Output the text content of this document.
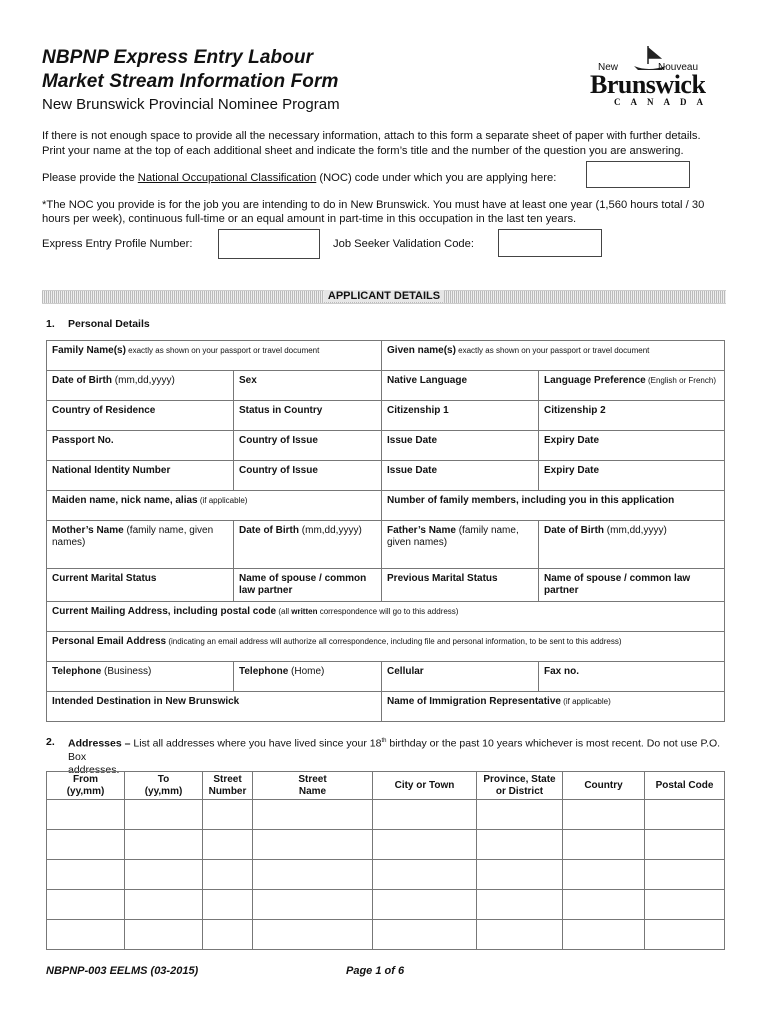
NBPNP Express Entry Labour
Market Stream Information Form
New Brunswick Provincial Nominee Program
New	Nouveau
Brunswick
C  A  N  A  D  A
If there is not enough space to provide all the necessary information, attach to this form a separate sheet of paper with further details.
Print your name at the top of each additional sheet and indicate the form’s title and the number of the question you are answering.
Please provide the National Occupational Classification (NOC) code under which you are applying here:
*The NOC you provide is for the job you are intending to do in New Brunswick. You must have at least one year (1,560 hours total / 30
hours per week), continuous full-time or an equal amount in part-time in this occupation in the last ten years.
Express Entry Profile Number:	Job Seeker Validation Code:
APPLICANT DETAILS
1. Personal Details
Family Name(s) exactly as shown on your passport or travel document		Given name(s) exactly as shown on your passport or travel document	
Date of Birth (mm,dd,yyyy)	Sex	Native Language	Language Preference (English or French)
Country of Residence	Status in Country	Citizenship 1	Citizenship 2
Passport No.	Country of Issue	Issue Date	Expiry Date
National Identity Number	Country of Issue	Issue Date	Expiry Date
Maiden name, nick name, alias (if applicable)		Number of family members, including you in this application	
Mother’s Name (family name, given names)	Date of Birth (mm,dd,yyyy)	Father’s Name (family name, given names)	Date of Birth (mm,dd,yyyy)
Current Marital Status	Name of spouse / common law partner	Previous Marital Status	Name of spouse / common law partner
Current Mailing Address, including postal code (all written correspondence will go to this address)			
Personal Email Address (indicating an email address will authorize all correspondence, including file and personal information, to be sent to this address)			
Telephone (Business)	Telephone (Home)	Cellular	Fax no.
Intended Destination in New Brunswick		Name of Immigration Representative (if applicable)	
2. Addresses – List all addresses where you have lived since your 18th birthday or the past 10 years whichever is most recent. Do not use P.O. Box
addresses.
From
(yy,mm)	To
(yy,mm)	Street
Number	Street
Name	City or Town	Province, State
or District	Country	Postal Code

NBPNP-003 EELMS (03-2015)	Page 1 of 6
